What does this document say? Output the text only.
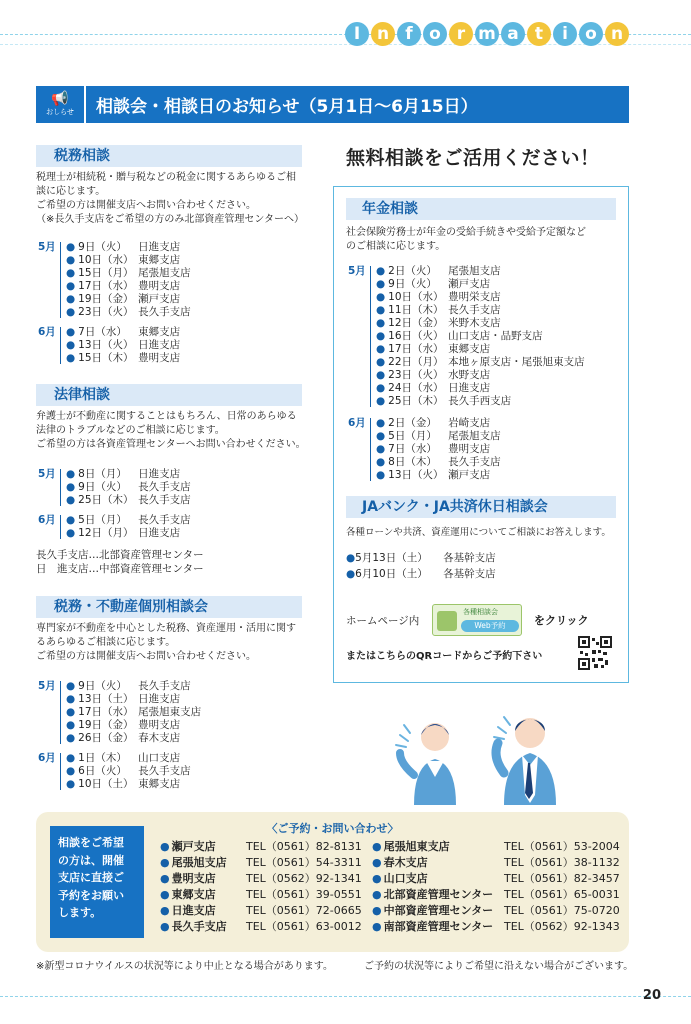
I n f o r m a t	i	o n
📢
おしらせ	相談会・相談日のお知らせ（5月1日〜6月15日）
税務相談
税理士が相続税・贈与税などの税金に関するあらゆるご相
談に応じます。
ご希望の方は開催支店へお問い合わせください。
（※長久手支店をご希望の方のみ北部資産管理センターへ）
5月 ● 9日（火） 日進支店
● 10日（水） 東郷支店
● 15日（月） 尾張旭支店
● 17日（水） 豊明支店
● 19日（金） 瀬戸支店
● 23日（火） 長久手支店
6月 ● 7日（水） 東郷支店
● 13日（火） 日進支店
● 15日（木） 豊明支店
法律相談
弁護士が不動産に関することはもちろん、日常のあらゆる
法律のトラブルなどのご相談に応じます。
ご希望の方は各資産管理センターへお問い合わせください。
5月 ● 8日（月） 日進支店
● 9日（火） 長久手支店
● 25日（木） 長久手支店
6月 ● 5日（月） 長久手支店
● 12日（月） 日進支店
長久手支店…北部資産管理センター
日　進支店…中部資産管理センター
税務・不動産個別相談会
専門家が不動産を中心とした税務、資産運用・活用に関す
るあらゆるご相談に応じます。
ご希望の方は開催支店へお問い合わせください。
5月 ● 9日（火） 長久手支店
● 13日（土） 日進支店
● 17日（水） 尾張旭東支店
● 19日（金） 豊明支店
● 26日（金） 春木支店
6月 ● 1日（木） 山口支店
● 6日（火） 長久手支店
● 10日（土） 東郷支店
無料相談をご活用ください！
年金相談
社会保険労務士が年金の受給手続きや受給予定額など
のご相談に応じます。
5月 ● 2日（火） 尾張旭支店
● 9日（火） 瀬戸支店
● 10日（水） 豊明栄支店
● 11日（木） 長久手支店
● 12日（金） 米野木支店
● 16日（火） 山口支店・品野支店
● 17日（水） 東郷支店
● 22日（月） 本地ヶ原支店・尾張旭東支店
● 23日（火） 水野支店
● 24日（水） 日進支店
● 25日（木） 長久手西支店
6月 ● 2日（金） 岩崎支店
● 5日（月） 尾張旭支店
● 7日（水） 豊明支店
● 8日（木） 長久手支店
● 13日（火） 瀬戸支店
JAバンク・JA共済休日相談会
各種ローンや共済、資産運用についてご相談にお答えします。
●5月13日（土） 各基幹支店
●6月10日（土） 各基幹支店
ホームページ内
各種相談会
Web予約	をクリック
またはこちらのQRコードからご予約下さい
〈ご予約・お問い合わせ〉
相談をご希望
の方は、開催
支店に直接ご
予約をお願い
します。
● 瀬戸支店	TEL（0561）82-8131
● 尾張旭支店 TEL（0561）54-3311
● 豊明支店	TEL（0562）92-1341
● 東郷支店	TEL（0561）39-0551
● 日進支店	TEL（0561）72-0665
● 長久手支店 TEL（0561）63-0012
● 尾張旭東支店	TEL（0561）53-2004
● 春木支店	TEL（0561）38-1132
● 山口支店	TEL（0561）82-3457
● 北部資産管理センター TEL（0561）65-0031
● 中部資産管理センター TEL（0561）75-0720
● 南部資産管理センター TEL（0562）92-1343
※新型コロナウイルスの状況等により中止となる場合があります。	ご予約の状況等によりご希望に沿えない場合がございます。
20
